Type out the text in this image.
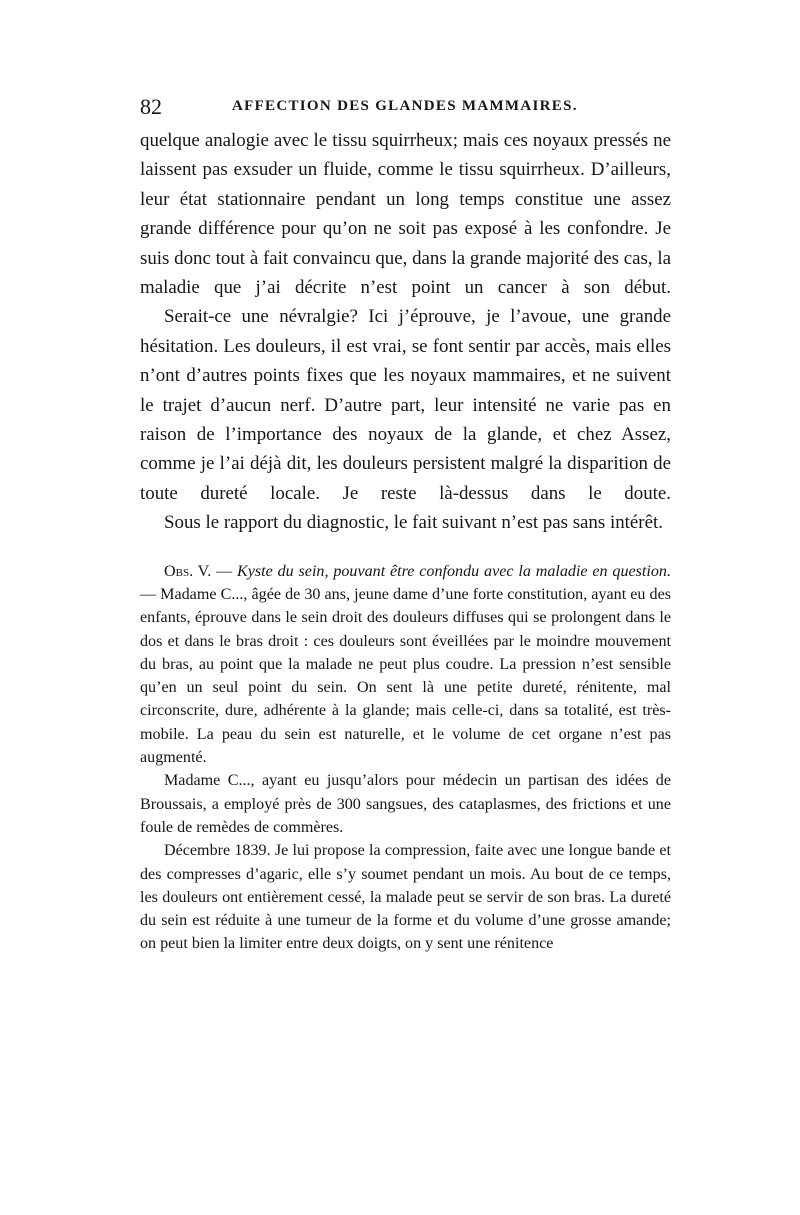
82	AFFECTION DES GLANDES MAMMAIRES.

quelque analogie avec le tissu squirrheux; mais ces noyaux pressés ne laissent pas exsuder un fluide, comme le tissu squirrheux. D’ailleurs, leur état stationnaire pendant un long temps constitue une assez grande différence pour qu’on ne soit pas exposé à les confondre. Je suis donc tout à fait convaincu que, dans la grande majorité des cas, la maladie que j’ai décrite n’est point un cancer à son début.

Serait-ce une névralgie? Ici j’éprouve, je l’avoue, une grande hésitation. Les douleurs, il est vrai, se font sentir par accès, mais elles n’ont d’autres points fixes que les noyaux mammaires, et ne suivent le trajet d’aucun nerf. D’autre part, leur intensité ne varie pas en raison de l’importance des noyaux de la glande, et chez Assez, comme je l’ai déjà dit, les douleurs persistent malgré la disparition de toute dureté locale. Je reste là-dessus dans le doute.

Sous le rapport du diagnostic, le fait suivant n’est pas sans intérêt.

Obs. V. — Kyste du sein, pouvant être confondu avec la maladie en question. — Madame C..., âgée de 30 ans, jeune dame d’une forte constitution, ayant eu des enfants, éprouve dans le sein droit des douleurs diffuses qui se prolongent dans le dos et dans le bras droit : ces douleurs sont éveillées par le moindre mouvement du bras, au point que la malade ne peut plus coudre. La pression n’est sensible qu’en un seul point du sein. On sent là une petite dureté, rénitente, mal circonscrite, dure, adhérente à la glande; mais celle-ci, dans sa totalité, est très-mobile. La peau du sein est naturelle, et le volume de cet organe n’est pas augmenté.

Madame C..., ayant eu jusqu’alors pour médecin un partisan des idées de Broussais, a employé près de 300 sangsues, des cataplasmes, des frictions et une foule de remèdes de commères.

Décembre 1839. Je lui propose la compression, faite avec une longue bande et des compresses d’agaric, elle s’y soumet pendant un mois. Au bout de ce temps, les douleurs ont entièrement cessé, la malade peut se servir de son bras. La dureté du sein est réduite à une tumeur de la forme et du volume d’une grosse amande; on peut bien la limiter entre deux doigts, on y sent une rénitence
